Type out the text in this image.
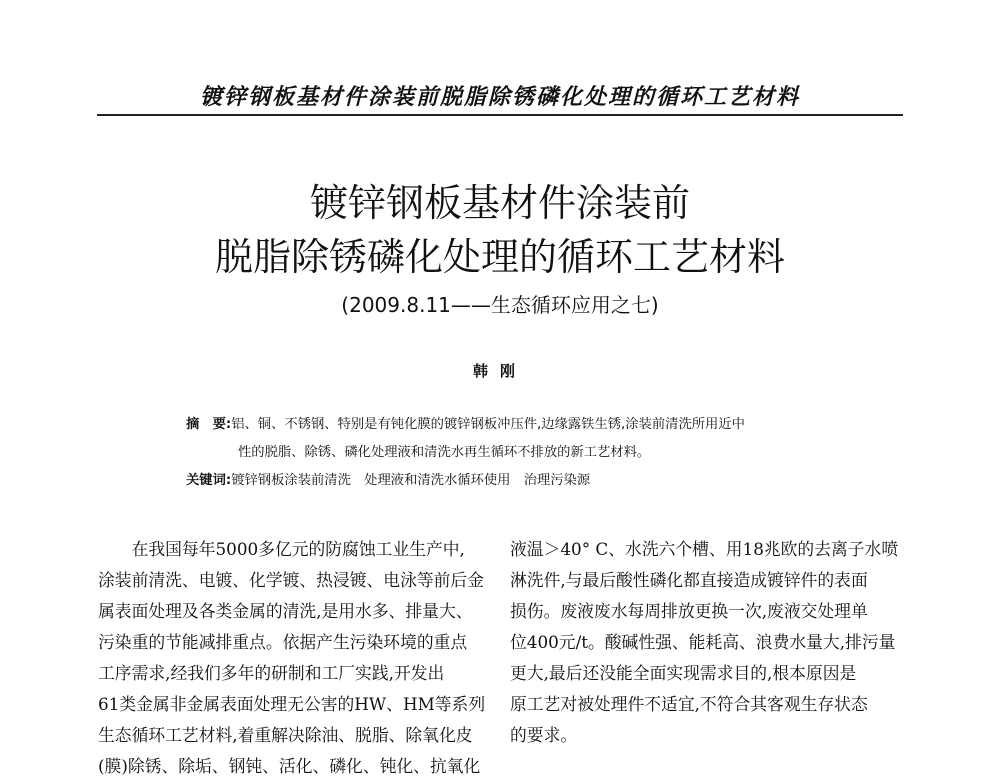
镀锌钢板基材件涂装前脱脂除锈磷化处理的循环工艺材料
镀锌钢板基材件涂装前
脱脂除锈磷化处理的循环工艺材料
(2009.8.11——生态循环应用之七)
韩刚
摘　要:铝、铜、不锈钢、特别是有钝化膜的镀锌钢板冲压件,边缘露铁生锈,涂装前清洗所用近中
性的脱脂、除锈、磷化处理液和清洗水再生循环不排放的新工艺材料。
关键词:镀锌钢板涂装前清洗　处理液和清洗水循环使用　治理污染源
　　在我国每年5000多亿元的防腐蚀工业生产中,
涂装前清洗、电镀、化学镀、热浸镀、电泳等前后金
属表面处理及各类金属的清洗,是用水多、排量大、
污染重的节能减排重点。依据产生污染环境的重点
工序需求,经我们多年的研制和工厂实践,开发出
61类金属非金属表面处理无公害的HW、HM等系列
生态循环工艺材料,着重解决除油、脱脂、除氧化皮
(膜)除锈、除垢、钢钝、活化、磷化、钝化、抗氧化
液温＞40° C、水洗六个槽、用18兆欧的去离子水喷
淋洗件,与最后酸性磷化都直接造成镀锌件的表面
损伤。废液废水每周排放更换一次,废液交处理单
位400元/t。酸碱性强、能耗高、浪费水量大,排污量
更大,最后还没能全面实现需求目的,根本原因是
原工艺对被处理件不适宜,不符合其客观生存状态
的要求。
